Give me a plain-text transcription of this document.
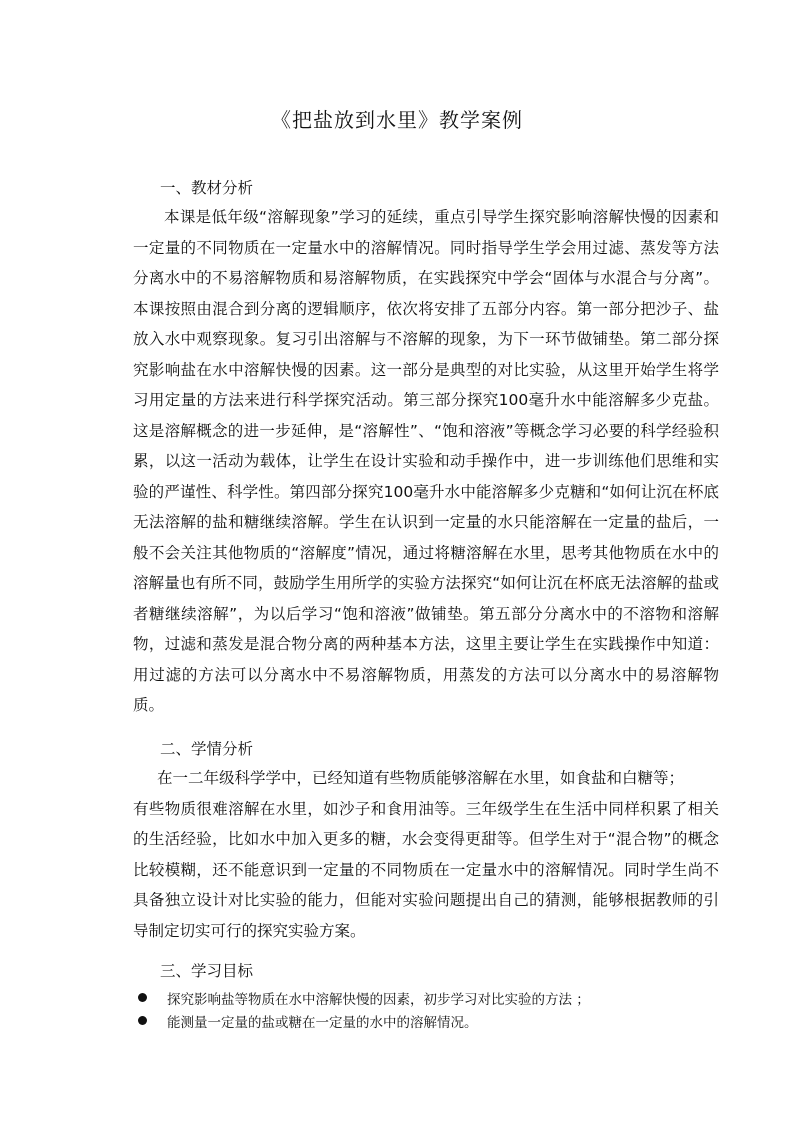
《把盐放到水里》教学案例
一、教材分析
本课是低年级“溶解现象”学习的延续，重点引导学生探究影响溶解快慢的因素和一定量的不同物质在一定量水中的溶解情况。同时指导学生学会用过滤、蒸发等方法分离水中的不易溶解物质和易溶解物质，在实践探究中学会“固体与水混合与分离”。本课按照由混合到分离的逻辑顺序，依次将安排了五部分内容。第一部分把沙子、盐放入水中观察现象。复习引出溶解与不溶解的现象，为下一环节做铺垫。第二部分探究影响盐在水中溶解快慢的因素。这一部分是典型的对比实验，从这里开始学生将学习用定量的方法来进行科学探究活动。第三部分探究100毫升水中能溶解多少克盐。这是溶解概念的进一步延伸，是“溶解性”、“饱和溶液”等概念学习必要的科学经验积累，以这一活动为载体，让学生在设计实验和动手操作中，进一步训练他们思维和实验的严谨性、科学性。第四部分探究100毫升水中能溶解多少克糖和“如何让沉在杯底无法溶解的盐和糖继续溶解。学生在认识到一定量的水只能溶解在一定量的盐后，一般不会关注其他物质的“溶解度”情况，通过将糖溶解在水里，思考其他物质在水中的溶解量也有所不同，鼓励学生用所学的实验方法探究“如何让沉在杯底无法溶解的盐或者糖继续溶解”，为以后学习“饱和溶液”做铺垫。第五部分分离水中的不溶物和溶解物，过滤和蒸发是混合物分离的两种基本方法，这里主要让学生在实践操作中知道：用过滤的方法可以分离水中不易溶解物质，用蒸发的方法可以分离水中的易溶解物质。
二、学情分析
在一二年级科学学中，已经知道有些物质能够溶解在水里，如食盐和白糖等；
有些物质很难溶解在水里，如沙子和食用油等。三年级学生在生活中同样积累了相关的生活经验，比如水中加入更多的糖，水会变得更甜等。但学生对于“混合物”的概念比较模糊，还不能意识到一定量的不同物质在一定量水中的溶解情况。同时学生尚不具备独立设计对比实验的能力，但能对实验问题提出自己的猜测，能够根据教师的引导制定切实可行的探究实验方案。
三、学习目标
探究影响盐等物质在水中溶解快慢的因素，初步学习对比实验的方法 ；
能测量一定量的盐或糖在一定量的水中的溶解情况。
